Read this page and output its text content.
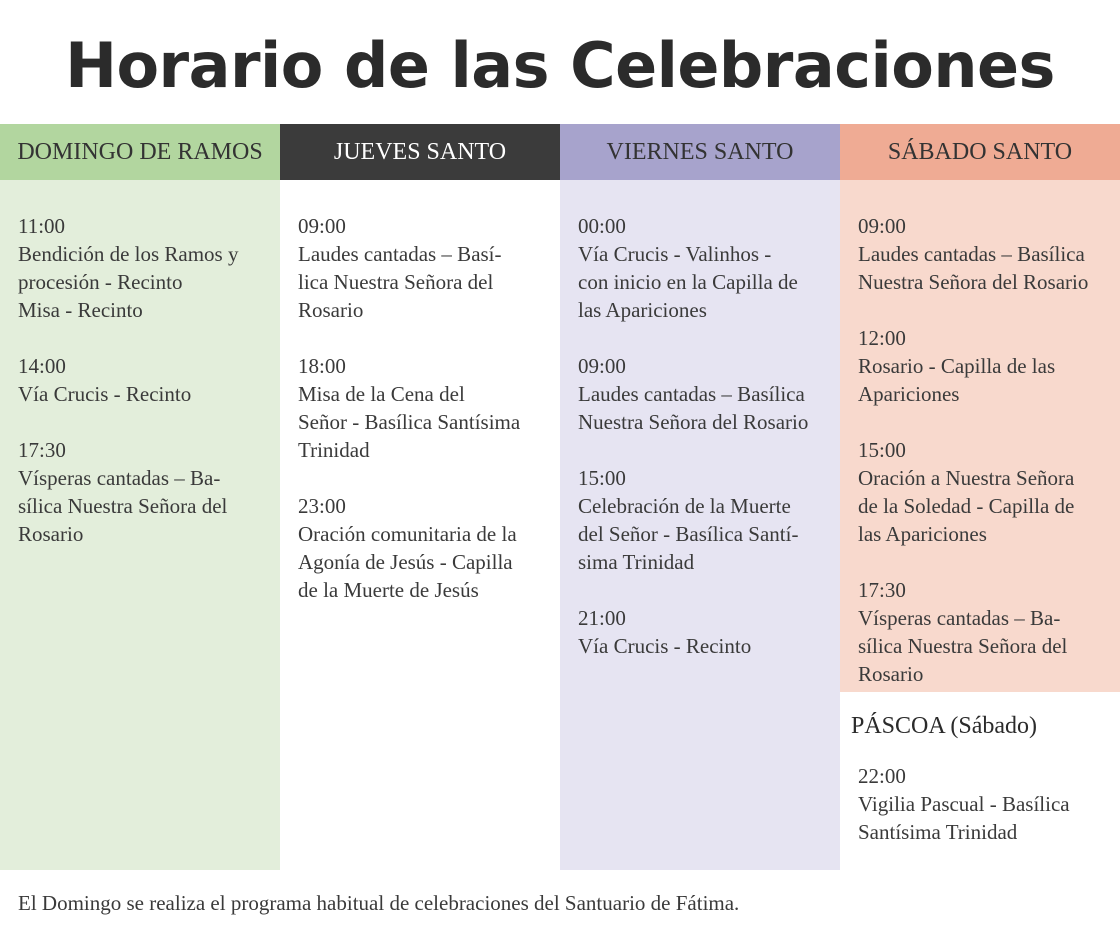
Horario de las Celebraciones
DOMINGO DE RAMOS
11:00
Bendición de los Ramos y
procesión - Recinto
Misa - Recinto
14:00
Vía Crucis - Recinto
17:30
Vísperas cantadas – Ba-
sílica Nuestra Señora del
Rosario
JUEVES SANTO
09:00
Laudes cantadas – Basí-
lica Nuestra Señora del
Rosario
18:00
Misa de la Cena del
Señor - Basílica Santísima
Trinidad
23:00
Oración comunitaria de la
Agonía de Jesús - Capilla
de la Muerte de Jesús
VIERNES SANTO
00:00
Vía Crucis - Valinhos -
con inicio en la Capilla de
las Apariciones
09:00
Laudes cantadas – Basílica
Nuestra Señora del Rosario
15:00
Celebración de la Muerte
del Señor - Basílica Santí-
sima Trinidad
21:00
Vía Crucis - Recinto
SÁBADO SANTO
09:00
Laudes cantadas – Basílica
Nuestra Señora del Rosario
12:00
Rosario - Capilla de las
Apariciones
15:00
Oración a Nuestra Señora
de la Soledad - Capilla de
las Apariciones
17:30
Vísperas cantadas – Ba-
sílica Nuestra Señora del
Rosario
PÁSCOA (Sábado)
22:00
Vigilia Pascual - Basílica
Santísima Trinidad
El Domingo se realiza el programa habitual de celebraciones del Santuario de Fátima.
